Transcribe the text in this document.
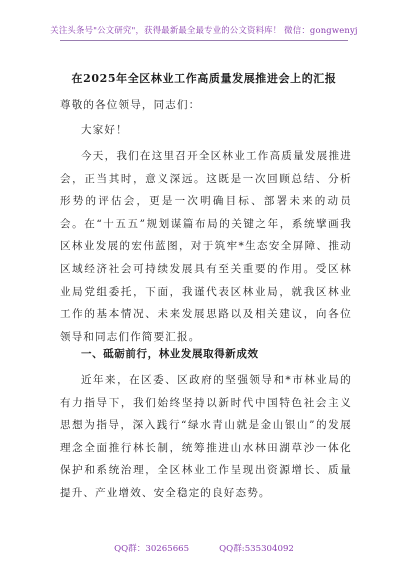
关注头条号"公文研究"，获得最新最全最专业的公文资料库！ 微信：gongwenyj
在2025年全区林业工作高质量发展推进会上的汇报
尊敬的各位领导，同志们：
大家好！
今天，我们在这里召开全区林业工作高质量发展推进会，正当其时，意义深远。这既是一次回顾总结、分析形势的评估会，更是一次明确目标、部署未来的动员会。在“十五五”规划谋篇布局的关键之年，系统擘画我区林业发展的宏伟蓝图，对于筑牢*生态安全屏障、推动区域经济社会可持续发展具有至关重要的作用。受区林业局党组委托，下面，我谨代表区林业局，就我区林业工作的基本情况、未来发展思路以及相关建议，向各位领导和同志们作简要汇报。
一、砥砺前行，林业发展取得新成效
近年来，在区委、区政府的坚强领导和*市林业局的有力指导下，我们始终坚持以新时代中国特色社会主义思想为指导，深入践行“绿水青山就是金山银山”的发展理念全面推行林长制，统筹推进山水林田湖草沙一体化保护和系统治理，全区林业工作呈现出资源增长、质量提升、产业增效、安全稳定的良好态势。
QQ群：30265665	QQ群:535304092
